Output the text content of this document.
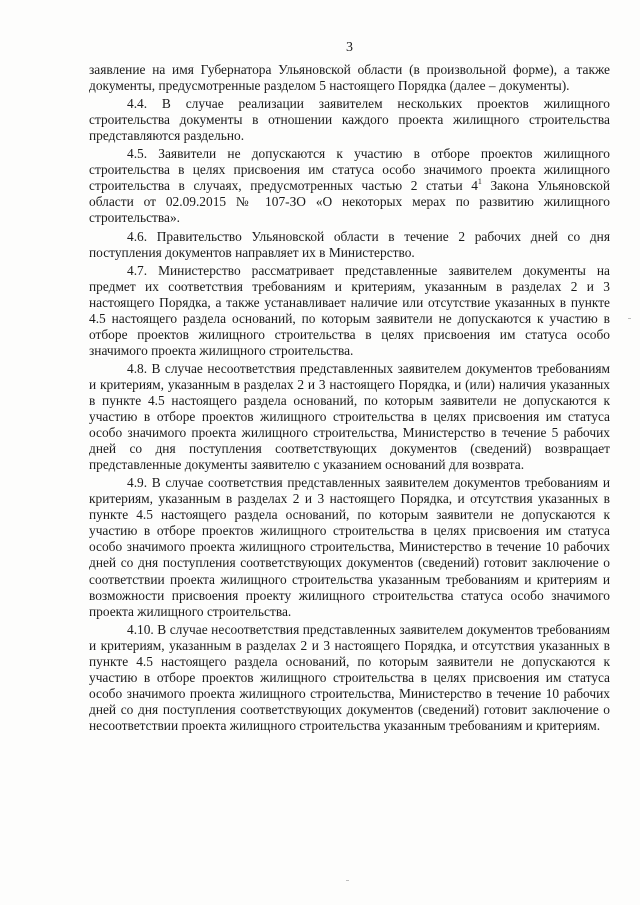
3

заявление на имя Губернатора Ульяновской области (в произвольной форме), а также документы, предусмотренные разделом 5 настоящего Порядка (далее – документы).

4.4. В случае реализации заявителем нескольких проектов жилищного строительства документы в отношении каждого проекта жилищного строительства представляются раздельно.

4.5. Заявители не допускаются к участию в отборе проектов жилищного строительства в целях присвоения им статуса особо значимого проекта жилищного строительства в случаях, предусмотренных частью 2 статьи $4^1$ Закона Ульяновской области от 02.09.2015 № 107-ЗО «О некоторых мерах по развитию жилищного строительства».

4.6. Правительство Ульяновской области в течение 2 рабочих дней со дня поступления документов направляет их в Министерство.

4.7. Министерство рассматривает представленные заявителем документы на предмет их соответствия требованиям и критериям, указанным в разделах 2 и 3 настоящего Порядка, а также устанавливает наличие или отсутствие указанных в пункте 4.5 настоящего раздела оснований, по которым заявители не допускаются к участию в отборе проектов жилищного строительства в целях присвоения им статуса особо значимого проекта жилищного строительства.

4.8. В случае несоответствия представленных заявителем документов требованиям и критериям, указанным в разделах 2 и 3 настоящего Порядка, и (или) наличия указанных в пункте 4.5 настоящего раздела оснований, по которым заявители не допускаются к участию в отборе проектов жилищного строительства в целях присвоения им статуса особо значимого проекта жилищного строительства, Министерство в течение 5 рабочих дней со дня поступления соответствующих документов (сведений) возвращает представленные документы заявителю с указанием оснований для возврата.

4.9. В случае соответствия представленных заявителем документов требованиям и критериям, указанным в разделах 2 и 3 настоящего Порядка, и отсутствия указанных в пункте 4.5 настоящего раздела оснований, по которым заявители не допускаются к участию в отборе проектов жилищного строительства в целях присвоения им статуса особо значимого проекта жилищного строительства, Министерство в течение 10 рабочих дней со дня поступления соответствующих документов (сведений) готовит заключение о соответствии проекта жилищного строительства указанным требованиям и критериям и возможности присвоения проекту жилищного строительства статуса особо значимого проекта жилищного строительства.

4.10. В случае несоответствия представленных заявителем документов требованиям и критериям, указанным в разделах 2 и 3 настоящего Порядка, и отсутствия указанных в пункте 4.5 настоящего раздела оснований, по которым заявители не допускаются к участию в отборе проектов жилищного строительства в целях присвоения им статуса особо значимого проекта жилищного строительства, Министерство в течение 10 рабочих дней со дня поступления соответствующих документов (сведений) готовит заключение о несоответствии проекта жилищного строительства указанным требованиям и критериям.
